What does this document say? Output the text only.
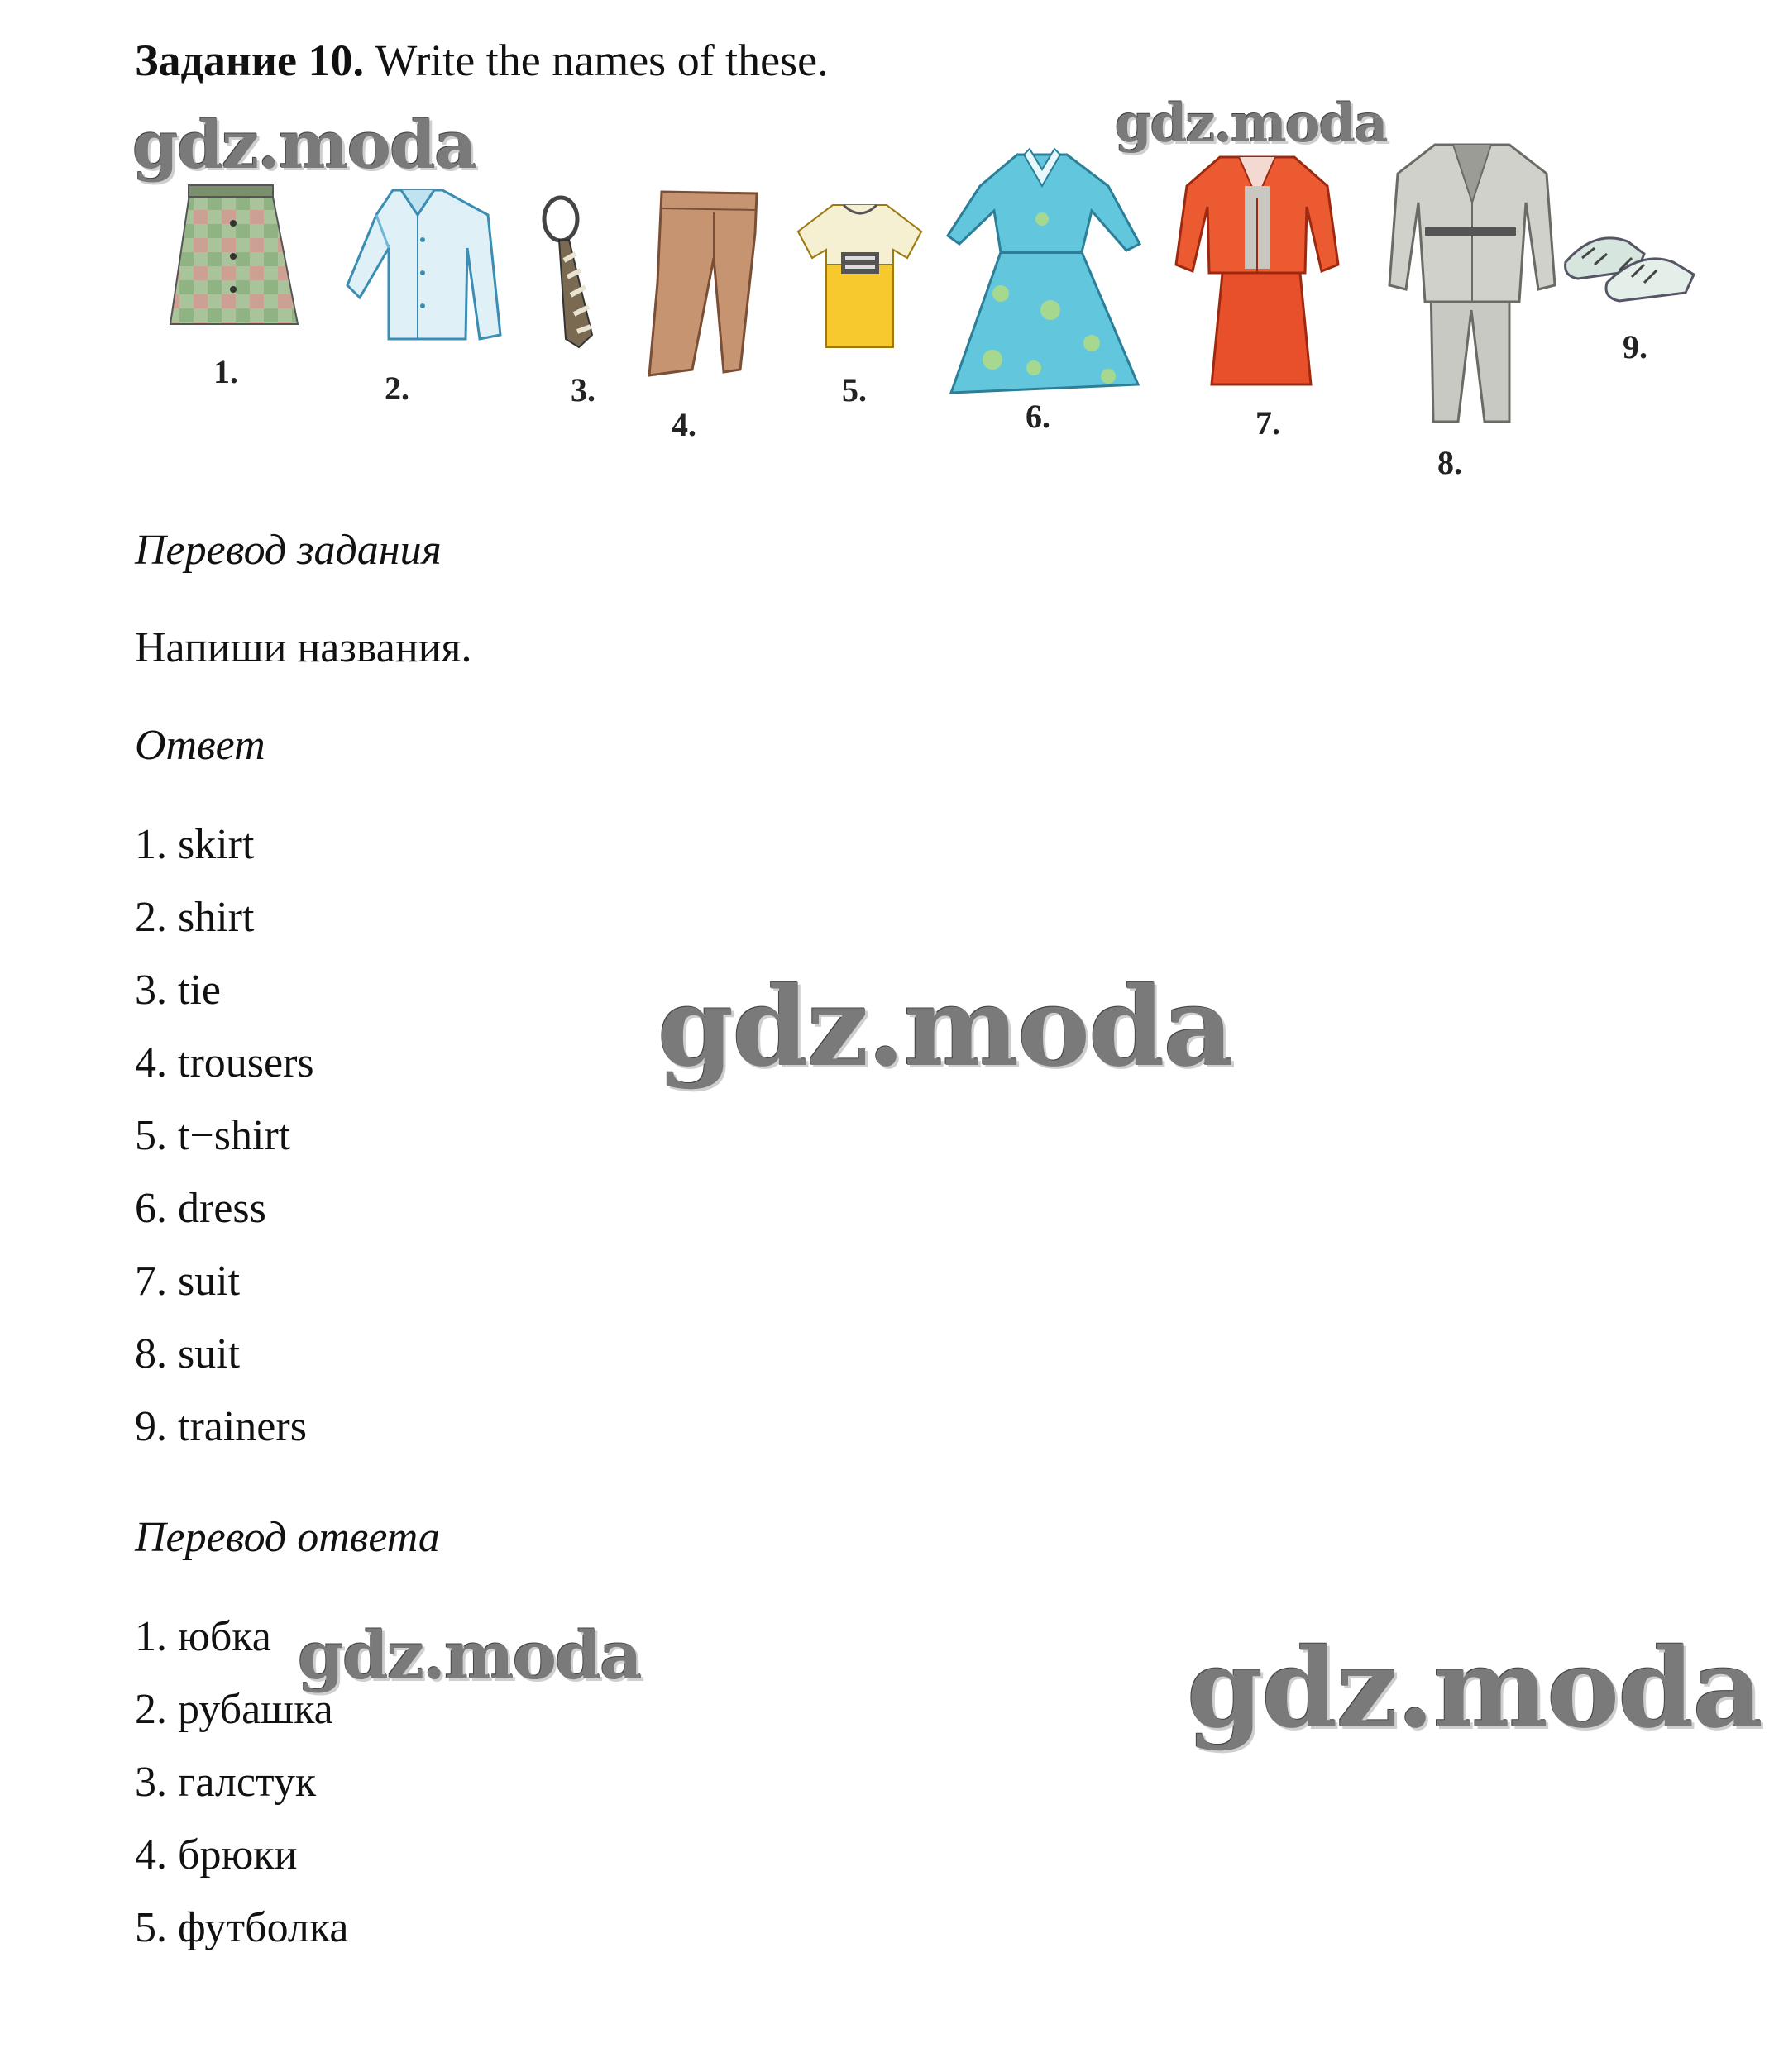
Задание 10. Write the names of these.
gdz.moda	gdz.moda
gdz.moda
gdz.moda	gdz.moda
1.	2.	3.
4.
5.
6.	7.
8.
9.
Перевод задания
Напиши названия.
Ответ
1. skirt
2. shirt
3. tie
4. trousers
5. t−shirt
6. dress
7. suit
8. suit
9. trainers
Перевод ответа
1. юбка
2. рубашка
3. галстук
4. брюки
5. футболка
